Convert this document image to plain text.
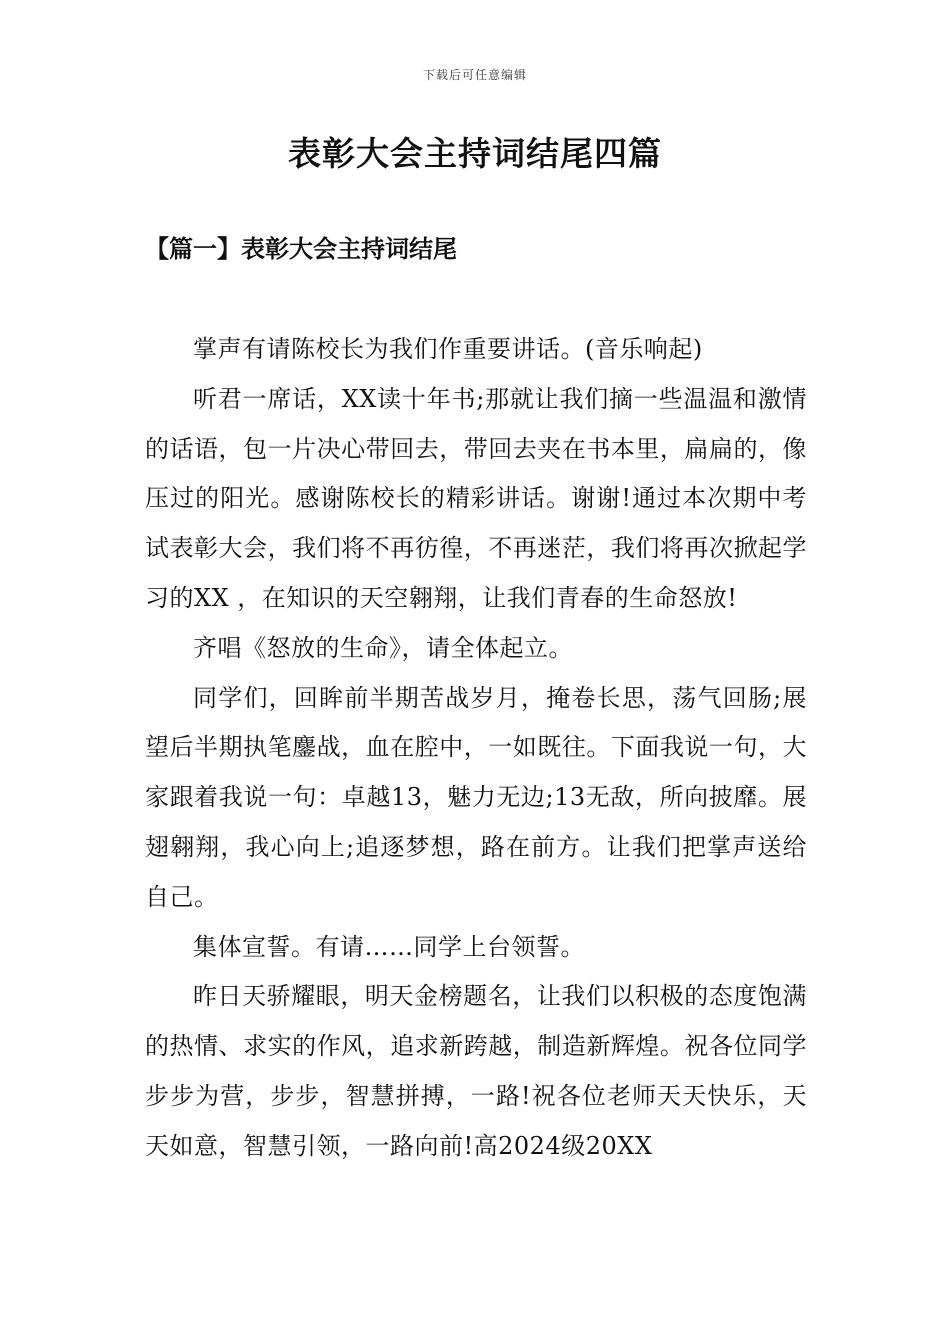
下载后可任意编辑
表彰大会主持词结尾四篇
【篇一】表彰大会主持词结尾

掌声有请陈校长为我们作重要讲话。(音乐响起)

听君一席话，XX读十年书;那就让我们摘一些温温和激情的话语，包一片决心带回去，带回去夹在书本里，扁扁的，像压过的阳光。感谢陈校长的精彩讲话。谢谢!通过本次期中考试表彰大会，我们将不再彷徨，不再迷茫，我们将再次掀起学习的XX ，在知识的天空翱翔，让我们青春的生命怒放!

齐唱《怒放的生命》，请全体起立。

同学们，回眸前半期苦战岁月，掩卷长思，荡气回肠;展望后半期执笔鏖战，血在腔中，一如既往。下面我说一句，大家跟着我说一句：卓越13，魅力无边;13无敌，所向披靡。展翅翱翔，我心向上;追逐梦想，路在前方。让我们把掌声送给自己。

集体宣誓。有请……同学上台领誓。

昨日天骄耀眼，明天金榜题名，让我们以积极的态度饱满的热情、求实的作风，追求新跨越，制造新辉煌。祝各位同学步步为营，步步，智慧拼搏，一路!祝各位老师天天快乐，天天如意，智慧引领，一路向前!高2024级20XX
